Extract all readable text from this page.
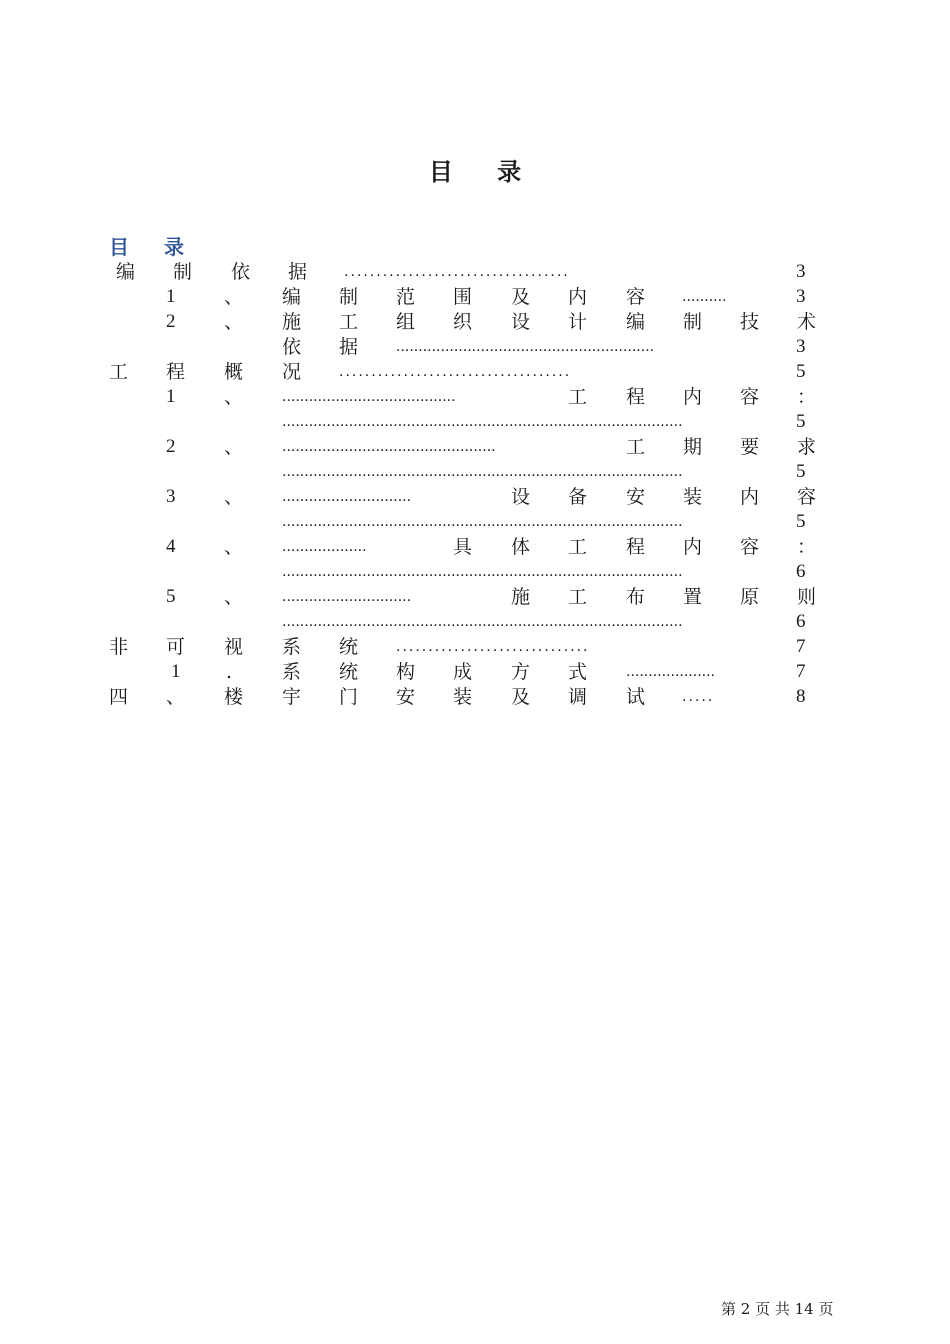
目 录
目 录
编 制 依 据	...................................	3
1	、 编 制 范 围 及 内 容	..........	3
2	、 施 工 组 织 设 计 编 制 技 术
依 据	..........................................................	3
工 程 概 况	....................................	5
1	、	.......................................	工 程 内 容 ：
..........................................................................................	5
2	、	................................................	工 期 要 求
..........................................................................................	5
3	、	.............................	设 备 安 装 内 容
..........................................................................................	5
4	、	...................	具 体 工 程 内 容 ：
..........................................................................................	6
5	、	.............................	施 工 布 置 原 则
..........................................................................................	6
非 可 视 系 统	..............................	7
1 .	系 统 构 成 方 式	....................	7
四 、 楼 宇 门 安 装 及 调 试	.....	8
第 2 页 共 14 页
